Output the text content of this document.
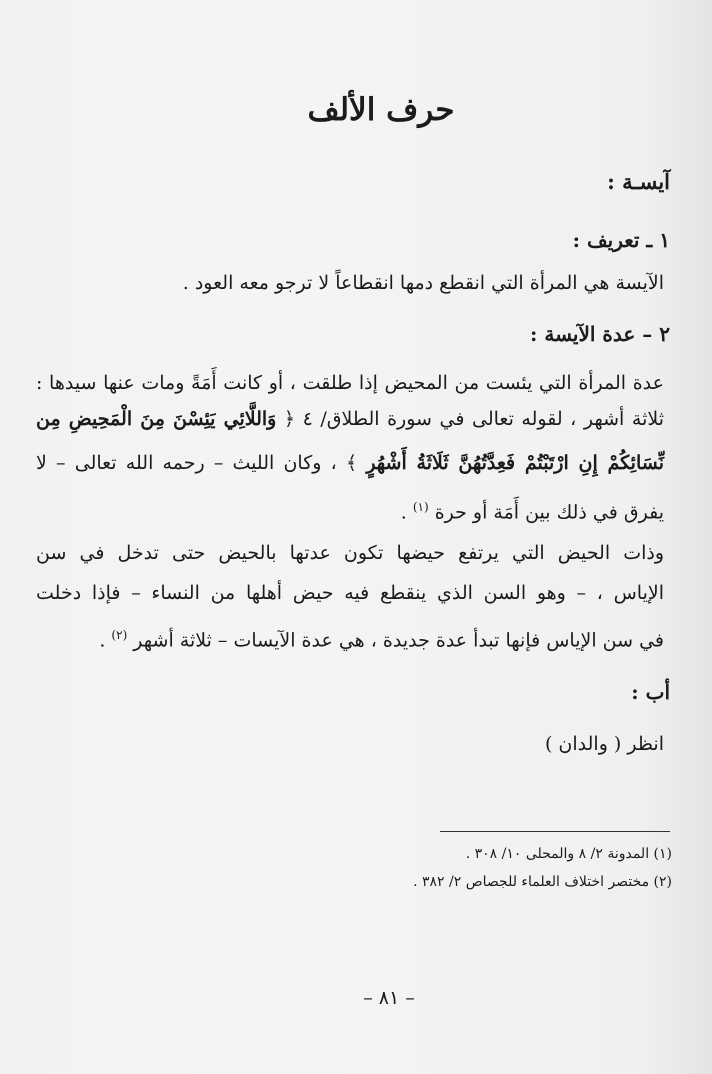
حرف الألف
آيسـة :
١ ـ تعريف :
الآيسة هي المرأة التي انقطع دمها انقطاعاً لا ترجو معه العود .
٢ – عدة الآيسة :
عدة المرأة التي يئست من المحيض إذا طلقت ، أو كانت أَمَةً ومات عنها سيدها :
ثلاثة أشهر ، لقوله تعالى في سورة الطلاق/ ٤ ﴿ وَاللَّائِي يَئِسْنَ مِنَ الْمَحِيضِ مِن
نِّسَائِكُمْ إِنِ ارْتَبْتُمْ فَعِدَّتُهُنَّ ثَلَاثَةُ أَشْهُرٍ ﴾ ، وكان الليث – رحمه الله تعالى – لا
يفرق في ذلك بين أَمَة أو حرة $^{(١)}$ .
وذات الحيض التي يرتفع حيضها تكون عدتها بالحيض حتى تدخل في سن
الإياس ، – وهو السن الذي ينقطع فيه حيض أهلها من النساء – فإذا دخلت
في سن الإياس فإنها تبدأ عدة جديدة ، هي عدة الآيسات – ثلاثة أشهر $^{(٢)}$ .
أب :
انظر ( والدان )
(١) المدونة ٢/ ٨ والمحلى ١٠/ ٣٠٨ .
(٢) مختصر اختلاف العلماء للجصاص ٢/ ٣٨٢ .
– ٨١ –
